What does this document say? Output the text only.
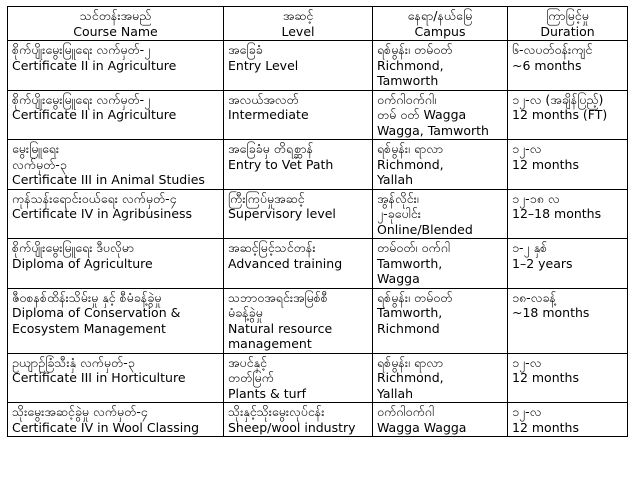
သင်တန်းအမည်
Course Name	အဆင့်
Level	နေရာ/နယ်မြေ
Campus	ကြာမြင့်မှု
Duration

စိုက်ပျိုးမွေးမြူရေး လက်မှတ်-၂
Certificate II in Agriculture	အခြေခံ
Entry Level	ရစ်မွန်း၊ တမ်ဝတ်
Richmond,
Tamworth	၆-လပတ်ဝန်းကျင်
~6 months

စိုက်ပျိုးမွေးမြူရေး လက်မှတ်-၂
Certificate II in Agriculture	အလယ်အလတ်
Intermediate	ဝက်ဂါဝက်ဂါ၊
တမ် ဝတ် Wagga
Wagga, Tamworth	၁၂-လ (အချိန်ပြည့်)
12 months (FT)

မွေးမြူရေး
လက်မှတ်-၃
Certificate III in Animal Studies	အခြေခံမှ တိရစ္ဆာန်
Entry to Vet Path	ရစ်မွန်း၊ ရာလာ
Richmond,
Yallah	၁၂-လ
12 months

ကုန်သန်းရောင်းဝယ်ရေး လက်မှတ်-၄
Certificate IV in Agribusiness	ကြီးကြပ်မှုအဆင့်
Supervisory level	အွန်လိုင်း၊
၂-ခုပေါင်း
Online/Blended	၁၂-၁၈ လ
12–18 months

စိုက်ပျိုးမွေးမြူရေး ဒီပလိုမာ
Diploma of Agriculture	အဆင့်မြင့်သင်တန်း
Advanced training	တမ်ဝတ်၊ ဝက်ဂါ
Tamworth,
Wagga	၁-၂ နှစ်
1–2 years

ဇီဝစနစ်ထိန်းသိမ်းမှု နှင့် စီမံခန့်ခွဲမှု
Diploma of Conservation &
Ecosystem Management	သဘာဝအရင်းအမြစ်စီ
မံခန့်ခွဲမှု
Natural resource
management	ရစ်မွန်း၊ တမ်ဝတ်
Tamworth,
Richmond	၁၈-လခန့်
~18 months

ဥယျာဉ်ခြံသီးနှံ လက်မှတ်-၃
Certificate III in Horticulture	အပင်နှင့်
တတ်မြက်
Plants & turf	ရစ်မွန်း၊ ရာလာ
Richmond,
Yallah	၁၂-လ
12 months

သိုးမွေးအဆင့်ခွဲမှု လက်မှတ်-၄
Certificate IV in Wool Classing	သိုးနှင့်သိုးမွေးလုပ်ငန်း
Sheep/wool industry	ဝက်ဂါဝက်ဂါ
Wagga Wagga	၁၂-လ
12 months
